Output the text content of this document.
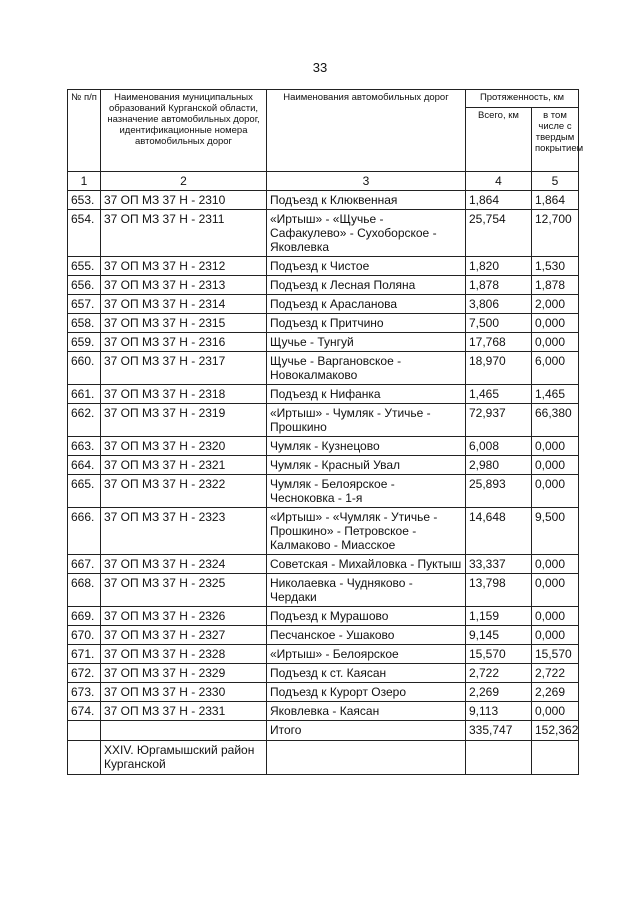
33
№ п/п	Наименования муниципальных образований Курганской области, назначение автомобильных дорог, идентификационные номера автомобильных дорог	Наименования автомобильных дорог	Протяженность, км	
			Всего, км	в том числе с твердым покрытием
1	2	3	4	5
653.	37 ОП МЗ 37 Н - 2310	Подъезд к Клюквенная	1,864	1,864
654.	37 ОП МЗ 37 Н - 2311	«Иртыш» - «Щучье - Сафакулево» - Сухоборское - Яковлевка	25,754	12,700
655.	37 ОП МЗ 37 Н - 2312	Подъезд к Чистое	1,820	1,530
656.	37 ОП МЗ 37 Н - 2313	Подъезд к Лесная Поляна	1,878	1,878
657.	37 ОП МЗ 37 Н - 2314	Подъезд к Арасланова	3,806	2,000
658.	37 ОП МЗ 37 Н - 2315	Подъезд к Притчино	7,500	0,000
659.	37 ОП МЗ 37 Н - 2316	Щучье - Тунгуй	17,768	0,000
660.	37 ОП МЗ 37 Н - 2317	Щучье - Варгановское - Новокалмаково	18,970	6,000
661.	37 ОП МЗ 37 Н - 2318	Подъезд к Нифанка	1,465	1,465
662.	37 ОП МЗ 37 Н - 2319	«Иртыш» - Чумляк - Утичье - Прошкино	72,937	66,380
663.	37 ОП МЗ 37 Н - 2320	Чумляк - Кузнецово	6,008	0,000
664.	37 ОП МЗ 37 Н - 2321	Чумляк - Красный Увал	2,980	0,000
665.	37 ОП МЗ 37 Н - 2322	Чумляк - Белоярское - Чесноковка - 1-я	25,893	0,000
666.	37 ОП МЗ 37 Н - 2323	«Иртыш» - «Чумляк - Утичье - Прошкино» - Петровское - Калмаково - Миасское	14,648	9,500
667.	37 ОП МЗ 37 Н - 2324	Советская - Михайловка - Пуктыш	33,337	0,000
668.	37 ОП МЗ 37 Н - 2325	Николаевка - Чудняково - Чердаки	13,798	0,000
669.	37 ОП МЗ 37 Н - 2326	Подъезд к Мурашово	1,159	0,000
670.	37 ОП МЗ 37 Н - 2327	Песчанское - Ушаково	9,145	0,000
671.	37 ОП МЗ 37 Н - 2328	«Иртыш» - Белоярское	15,570	15,570
672.	37 ОП МЗ 37 Н - 2329	Подъезд к ст. Каясан	2,722	2,722
673.	37 ОП МЗ 37 Н - 2330	Подъезд к Курорт Озеро	2,269	2,269
674.	37 ОП МЗ 37 Н - 2331	Яковлевка - Каясан	9,113	0,000
		Итого	335,747	152,362
	XXIV. Юргамышский район Курганской			
